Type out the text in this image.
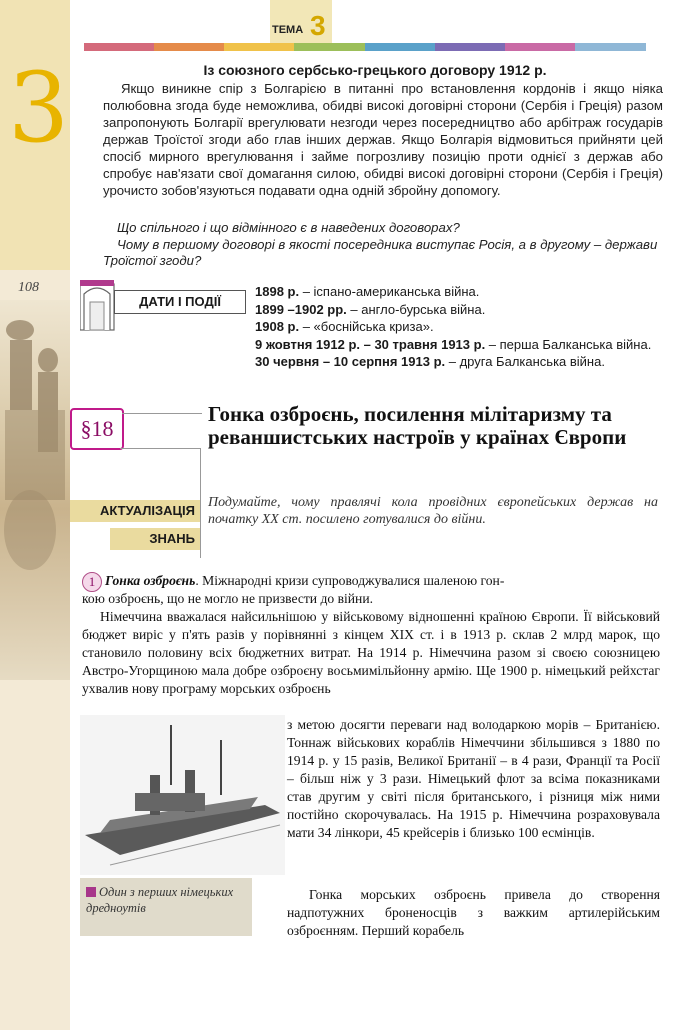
3
108
ТЕМА 3
Із союзного сербсько-грецького договору 1912 р.

Якщо виникне спір з Болгарією в питанні про встановлення кордонів і якщо ніяка полюбовна згода буде неможлива, обидві високі договірні сторони (Сербія і Греція) разом запропонують Болгарії врегулювати незгоди через посередництво або арбітраж государів держав Троїстої згоди або глав інших держав. Якщо Болгарія відмовиться прийняти цей спосіб мирного врегулювання і займе погрозливу позицію проти однієї з держав або спробує нав'язати свої домагання силою, обидві високі договірні сторони (Сербія і Греція) урочисто зобов'язуються подавати одна одній збройну допомогу.

Що спільного і що відмінного є в наведених договорах?

Чому в першому договорі в якості посередника виступає Росія, а в другому – держави Троїстої згоди?

ДАТИ І ПОДІЇ
1898 р. – іспано-американська війна.
1899 –1902 рр. – англо-бурська війна.
1908 р. – «боснійська криза».
9 жовтня 1912 р. – 30 травня 1913 р. – перша Балканська війна.
30 червня – 10 серпня 1913 р. – друга Балканська війна.
§18
Гонка озброєнь, посилення мілітаризму та реваншистських настроїв у країнах Європи
АКТУАЛІЗАЦІЯ
ЗНАНЬ
Подумайте, чому правлячі кола провідних європейських держав на початку ХХ ст. посилено готувалися до війни.
1 Гонка озброєнь. Міжнародні кризи супроводжувалися шаленою гон-
кою озброєнь, що не могло не призвести до війни.
Німеччина вважалася найсильнішою у військовому відношенні країною Європи. Її військовий бюджет виріс у п'ять разів у порівнянні з кінцем XIX ст. і в 1913 р. склав 2 млрд марок, що становило половину всіх бюджетних витрат. На 1914 р. Німеччина разом зі своєю союзницею Австро-Угорщиною мала добре озброєну восьмимільйонну армію. Ще 1900 р. німецький рейхстаг ухвалив нову програму морських озброєнь
з метою досягти переваги над володаркою морів – Британією. Тоннаж військових кораблів Німеччини збільшився з 1880 по 1914 р. у 15 разів, Великої Британії – в 4 рази, Франції та Росії – більш ніж у 3 рази. Німецький флот за всіма показниками став другим у світі після британського, і різниця між ними постійно скорочувалась. На 1915 р. Німеччина розраховувала мати 34 лінкори, 45 крейсерів і близько 100 есмінців.
Гонка морських озброєнь привела до створення надпотужних броненосців з важким артилерійським озброєнням. Перший корабель
Один з перших німецьких дредноутів
